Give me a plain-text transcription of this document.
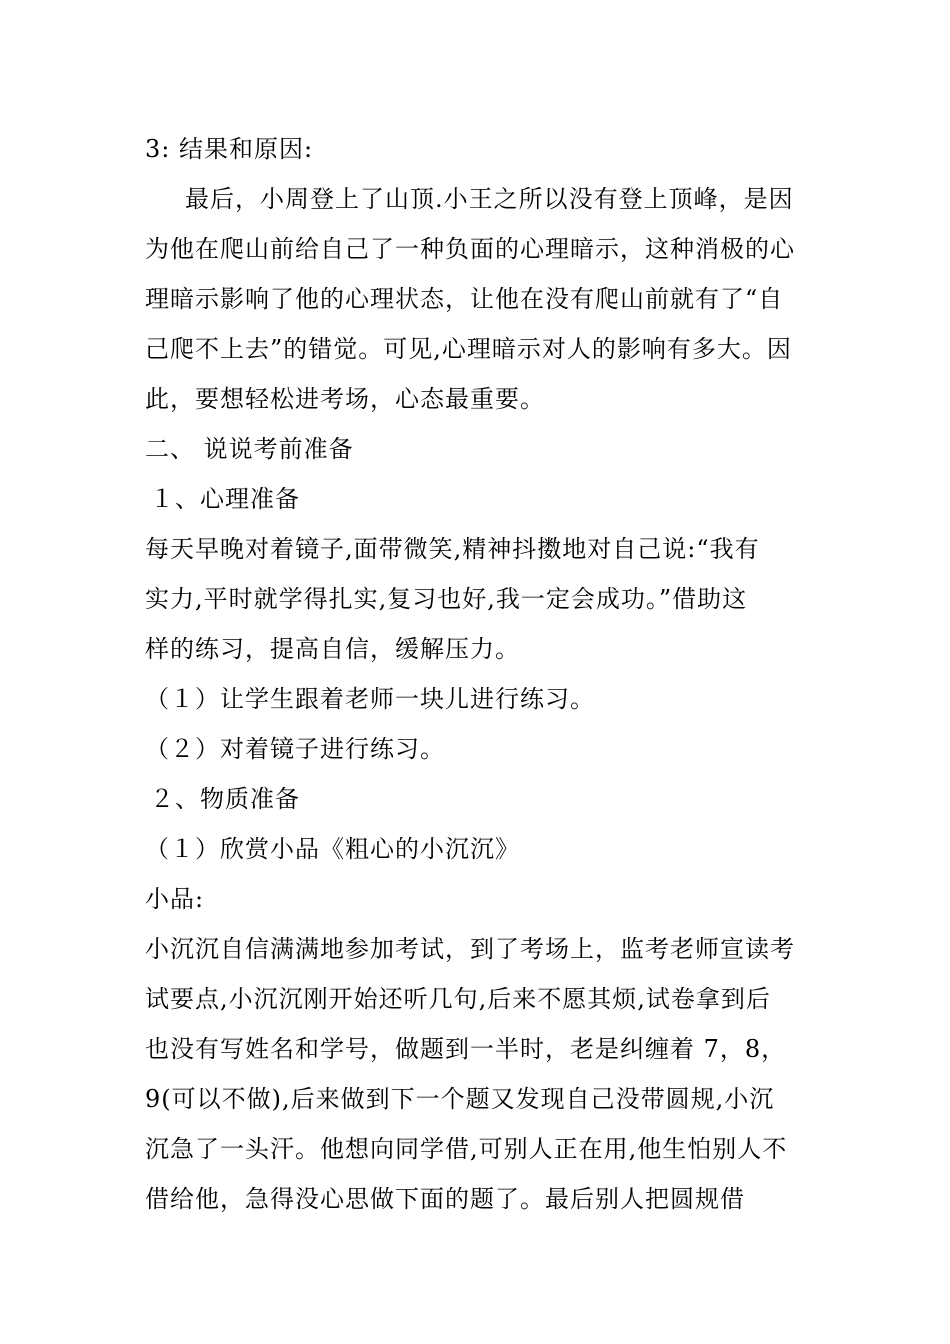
3: 结果和原因:
最后，小周登上了山顶.小王之所以没有登上顶峰，是因
为他在爬山前给自己了一种负面的心理暗示，这种消极的心
理暗示影响了他的心理状态，让他在没有爬山前就有了“自
己爬不上去”的错觉。可见,心理暗示对人的影响有多大。因
此，要想轻松进考场，心态最重要。
二、 说说考前准备
１、心理准备
每天早晚对着镜子,面带微笑,精神抖擞地对自己说:“我有
实力,平时就学得扎实,复习也好,我一定会成功。”借助这
样的练习，提高自信，缓解压力。
（１）让学生跟着老师一块儿进行练习。
（２）对着镜子进行练习。
２、物质准备
（１）欣赏小品《粗心的小沉沉》
小品:
小沉沉自信满满地参加考试，到了考场上，监考老师宣读考
试要点,小沉沉刚开始还听几句,后来不愿其烦,试卷拿到后
也没有写姓名和学号，做题到一半时，老是纠缠着 7，8，
9(可以不做),后来做到下一个题又发现自己没带圆规,小沉
沉急了一头汗。他想向同学借,可别人正在用,他生怕别人不
借给他，急得没心思做下面的题了。最后别人把圆规借
